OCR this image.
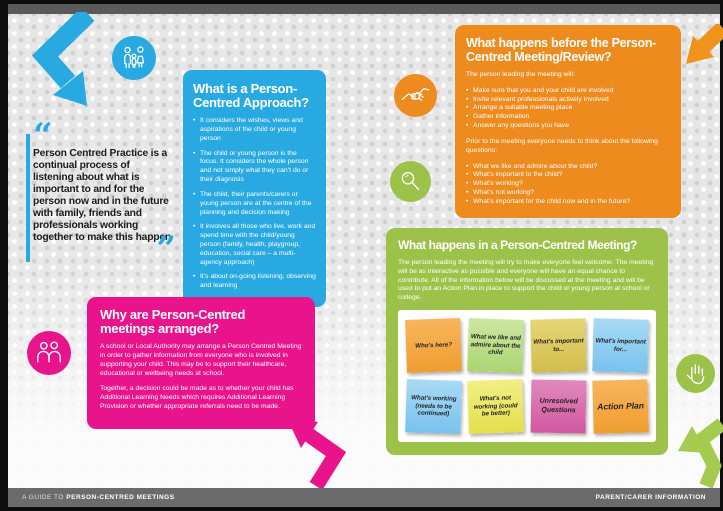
“
Person Centred Practice is a continual process of listening about what is important to and for the person now and in the future with family, friends and professionals working together to make this happen
”
What is a Person-Centred Approach?
• It considers the wishes, views and aspirations of the child or young person
• The child or young person is the focus. It considers the whole person and not simply what they can’t do or their diagnosis
• The child, their parents/carers or young person are at the centre of the planning and decision making
• It involves all those who live, work and spend time with the child/young person (family, health, playgroup, education, social care – a multi-agency approach)
• It’s about on-going listening, observing and learning
What happens before the Person-Centred Meeting/Review?

The person leading the meeting will:

• Make sure that you and your child are involved
• Invite relevant professionals actively involved
• Arrange a suitable meeting place
• Gather information
• Answer any questions you have

Prior to the meeting everyone needs to think about the following questions:

• What we like and admire about the child?
• What’s important to the child?
• What’s working?
• What’s not working?
• What’s important for the child now and in the future?
What happens in a Person-Centred Meeting?

The person leading the meeting will try to make everyone feel welcome. The meeting will be as interactive as possible and everyone will have an equal chance to contribute. All of the information below will be discussed at the meeting and will be used to put an Action Plan in place to support the child or young person at school or college.

Who's here?
What we like and admire about the child
What's important to...
What's important for...
What's working (needs to be continued)
What's not working (could be better)
Unresolved Questions	Action Plan
Why are Person-Centred meetings arranged?

A school or Local Authority may arrange a Person Centred Meeting in order to gather information from everyone who is involved in supporting your child. This may be to support their healthcare, educational or wellbeing needs at school.

Together, a decision could be made as to whether your child has Additional Learning Needs which requires Additional Learning Provision or whether appropriate referrals need to be made.

A GUIDE TO PERSON-CENTRED MEETINGS	PARENT/CARER INFORMATION
